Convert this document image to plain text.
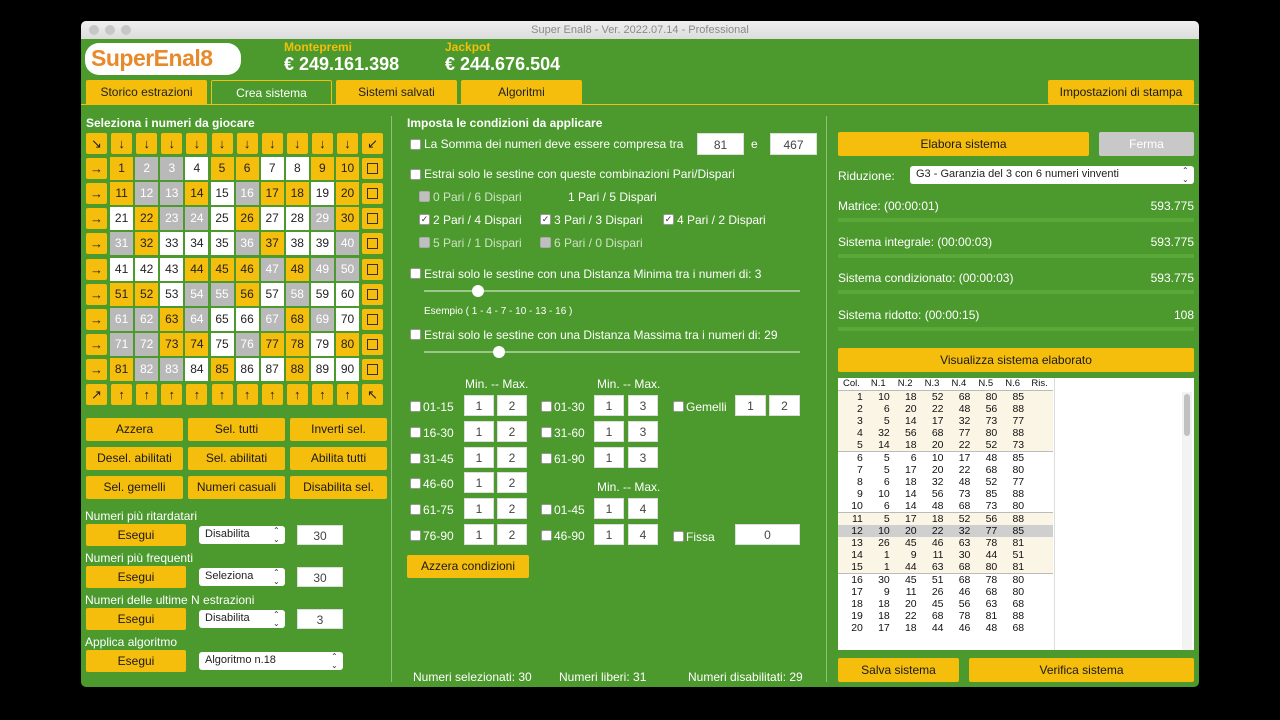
Super Enal8 - Ver. 2022.07.14 - Professional
SuperEnal8	Montepremi
€ 249.161.398
Jackpot
€ 244.676.504
Storico estrazioni	Crea sistema	Sistemi salvati	Algoritmi	Impostazioni di stampa
Seleziona i numeri da giocare
↘	↓	↓	↓	↓	↓	↓	↓	↓	↓	↓	↙
→	1	2	3	4	5	6	7	8	9	10
→	11	12 13 14 15 16 17 18 19 20
→ 21 22 23 24 25 26 27 28 29 30
→ 31 32 33 34 35 36 37 38 39 40
→ 41 42 43 44 45 46 47 48 49 50
→ 51 52 53 54 55 56 57 58 59 60
→ 61 62 63 64 65 66 67 68 69 70
→ 71 72 73 74 75 76 77 78 79 80
→ 81 82 83 84 85 86 87 88 89 90
↗	↑	↑	↑	↑	↑	↑	↑	↑	↑	↑	↖
Numeri più ritardatari
Esegui	Disabilita ⌃⌄	30
Numeri più frequenti
Esegui	Seleziona ⌃⌄	30
Numeri delle ultime N estrazioni
Esegui	Disabilita ⌃⌄	3
Applica algoritmo
Esegui	Algoritmo n.18 ⌃⌄
Imposta le condizioni da applicare
La Somma dei numeri deve essere compresa tra	81	e	467
Estrai solo le sestine con queste combinazioni Pari/Dispari
Estrai solo le sestine con una Distanza Minima tra i numeri di: 3
Esempio ( 1 - 4 - 7 - 10 - 13 - 16 )
Estrai solo le sestine con una Distanza Massima tra i numeri di: 29
Min. -- Max.	Min. -- Max.
Min. -- Max.
Gemelli	1	2
Fissa	0
Azzera condizioni
Numeri selezionati: 30 Numeri liberi: 31	Numeri disabilitati: 29
Elabora sistema	Ferma
Riduzione:	G3 - Garanzia del 3 con 6 numeri vinventi ⌃⌄
Visualizza sistema elaborato
Col.	N.1	N.2	N.3	N.4	N.5	N.6	Ris.
1	10	18	52	68	80	85	
2	6	20	22	48	56	88	
3	5	14	17	32	73	77	
4	32	56	68	77	80	88	
5	14	18	20	22	52	73	
6	5	6	10	17	48	85	
7	5	17	20	22	68	80	
8	6	18	32	48	52	77	
9	10	14	56	73	85	88	
10	6	14	48	68	73	80	
11	5	17	18	52	56	88	
12	10	20	22	32	77	85	
13	26	45	46	63	78	81	
14	1	9	11	30	44	51	
15	1	44	63	68	80	81	
16	30	45	51	68	78	80	
17	9	11	26	46	68	80	
18	18	20	45	56	63	68	
19	18	22	68	78	81	88	
20	17	18	44	46	48	68	
Salva sistema	Verifica sistema
Azzera	Sel. tutti	Inverti sel.
Desel. abilitati	Sel. abilitati	Abilita tutti
Sel. gemelli	Numeri casuali	Disabilita sel.
0 Pari / 6 Dispari	1 Pari / 5 Dispari
✓ 2 Pari / 4 Dispari ✓ 3 Pari / 3 Dispari ✓ 4 Pari / 2 Dispari
5 Pari / 1 Dispari	6 Pari / 0 Dispari
01-15	1	2
16-30	1	2
31-45	1	2
46-60	1	2
61-75	1	2
76-90	1	2
01-30	1	3
31-60	1	3
61-90	1	3
01-45	1	4
46-90	1	4
Matrice: (00:00:01)	593.775
Sistema integrale: (00:00:03)	593.775
Sistema condizionato: (00:00:03)	593.775
Sistema ridotto: (00:00:15)	108
